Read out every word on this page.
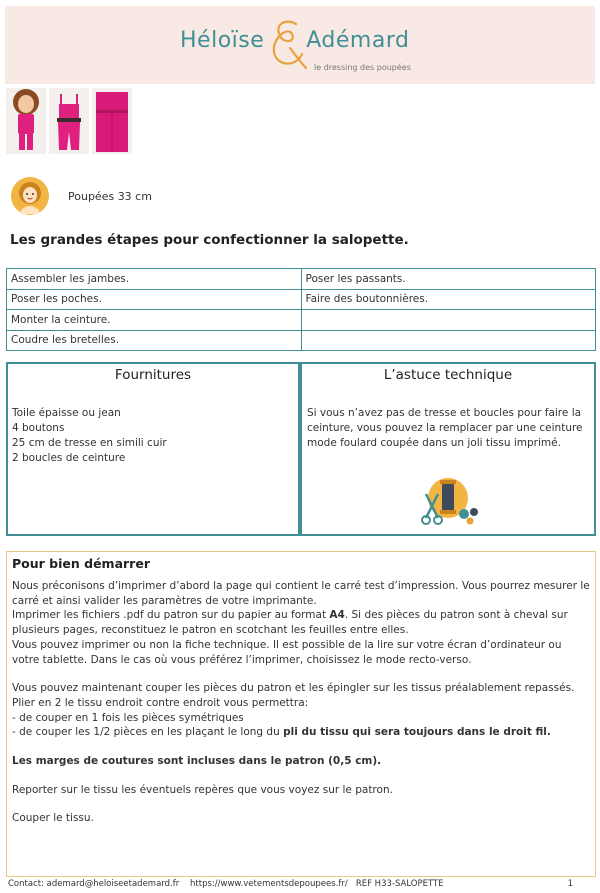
Héloïse Adémard
le dressing des poupées
Poupées 33 cm
Les grandes étapes pour confectionner la salopette.
Assembler les jambes.	Poser les passants.
Poser les poches.	Faire des boutonnières.
Monter la ceinture.	
Coudre les bretelles.	
Fournitures
Toile épaisse ou jean
4 boutons
25 cm de tresse en simili cuir
2 boucles de ceinture
L’astuce technique
Si vous n’avez pas de tresse et boucles pour faire la ceinture, vous pouvez la remplacer par une ceinture mode foulard coupée dans un joli tissu imprimé.
Pour bien démarrer

Nous préconisons d’imprimer d’abord la page qui contient le carré test d’impression. Vous pourrez mesurer le carré et ainsi valider les paramètres de votre imprimante.

Imprimer les fichiers .pdf du patron sur du papier au format A4. Si des pièces du patron sont à cheval sur plusieurs pages, reconstituez le patron en scotchant les feuilles entre elles.

Vous pouvez imprimer ou non la fiche technique. Il est possible de la lire sur votre écran d’ordinateur ou votre tablette. Dans le cas où vous préférez l’imprimer, choisissez le mode recto-verso.

Vous pouvez maintenant couper les pièces du patron et les épingler sur les tissus préalablement repassés.

Plier en 2 le tissu endroit contre endroit vous permettra:

- de couper en 1 fois les pièces symétriques

- de couper les 1/2 pièces en les plaçant le long du pli du tissu qui sera toujours dans le droit fil.

Les marges de coutures sont incluses dans le patron (0,5 cm).

Reporter sur le tissu les éventuels repères que vous voyez sur le patron.

Couper le tissu.

Contact: ademard@heloiseetademard.fr https://www.vetementsdepoupees.fr/ REF H33-SALOPETTE	1
